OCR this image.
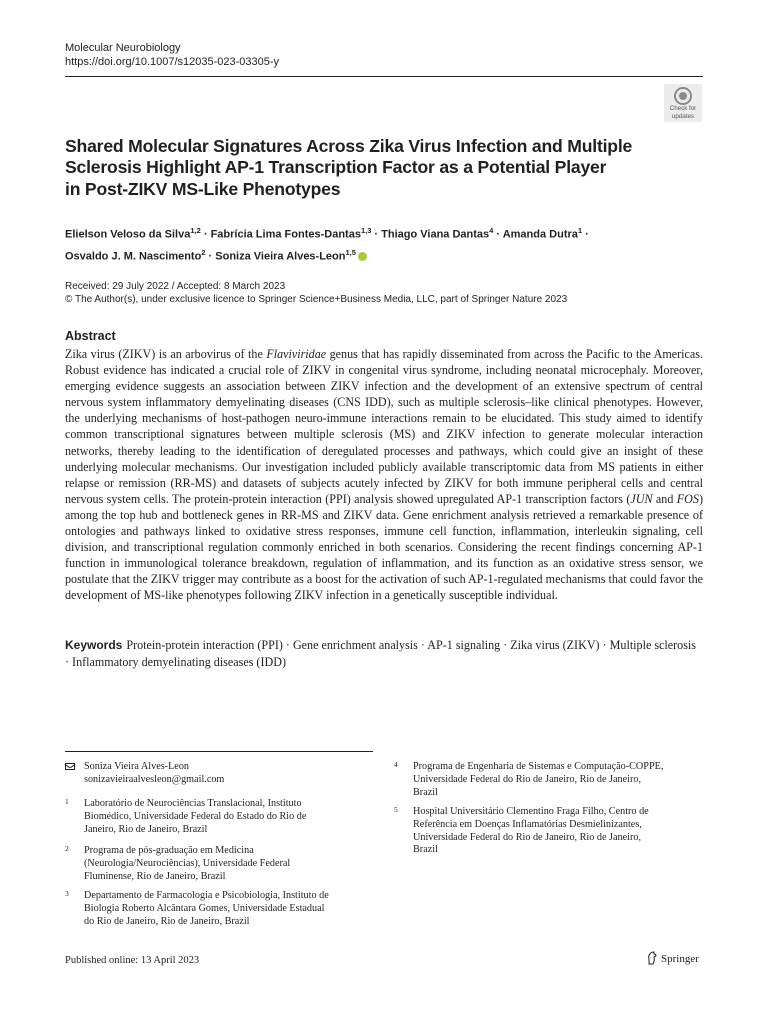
Molecular Neurobiology
https://doi.org/10.1007/s12035-023-03305-y
Check for
updates
Shared Molecular Signatures Across Zika Virus Infection and Multiple
Sclerosis Highlight AP-1 Transcription Factor as a Potential Player
in Post-ZIKV MS-Like Phenotypes
Elielson Veloso da Silva$^{1,2}$ · Fabrícia Lima Fontes-Dantas$^{1,3}$ · Thiago Viana Dantas$^4$ · Amanda Dutra$^1$ ·
Osvaldo J. M. Nascimento$^2$ · Soniza Vieira Alves-Leon$^{1,5}$
Received: 29 July 2022 / Accepted: 8 March 2023
© The Author(s), under exclusive licence to Springer Science+Business Media, LLC, part of Springer Nature 2023
Abstract
Zika virus (ZIKV) is an arbovirus of the Flaviviridae genus that has rapidly disseminated from across the Pacific to the Americas. Robust evidence has indicated a crucial role of ZIKV in congenital virus syndrome, including neonatal microcephaly. Moreover, emerging evidence suggests an association between ZIKV infection and the development of an extensive spectrum of central nervous system inflammatory demyelinating diseases (CNS IDD), such as multiple sclerosis–like clinical phenotypes. However, the underlying mechanisms of host-pathogen neuro-immune interactions remain to be elucidated. This study aimed to identify common transcriptional signatures between multiple sclerosis (MS) and ZIKV infection to generate molecular interaction networks, thereby leading to the identification of deregulated processes and pathways, which could give an insight of these underlying molecular mechanisms. Our investigation included publicly available transcriptomic data from MS patients in either relapse or remission (RR-MS) and datasets of subjects acutely infected by ZIKV for both immune peripheral cells and central nervous system cells. The protein-protein interaction (PPI) analysis showed upregulated AP-1 transcription factors (JUN and FOS) among the top hub and bottleneck genes in RR-MS and ZIKV data. Gene enrichment analysis retrieved a remarkable presence of ontologies and pathways linked to oxidative stress responses, immune cell function, inflammation, interleukin signaling, cell division, and transcriptional regulation commonly enriched in both scenarios. Considering the recent findings concerning AP-1 function in immunological tolerance breakdown, regulation of inflammation, and its function as an oxidative stress sensor, we postulate that the ZIKV trigger may contribute as a boost for the activation of such AP-1-regulated mechanisms that could favor the development of MS-like phenotypes following ZIKV infection in a genetically susceptible individual.
Keywords Protein-protein interaction (PPI) · Gene enrichment analysis · AP-1 signaling · Zika virus (ZIKV) · Multiple sclerosis · Inflammatory demyelinating diseases (IDD)
Soniza Vieira Alves-Leon
sonizavieiraalvesleon@gmail.com
1 Laboratório de Neurociências Translacional, Instituto
Biomédico, Universidade Federal do Estado do Rio de
Janeiro, Rio de Janeiro, Brazil
2 Programa de pós-graduação em Medicina
(Neurologia/Neurociências), Universidade Federal
Fluminense, Rio de Janeiro, Brazil
3 Departamento de Farmacologia e Psicobiologia, Instituto de
Biologia Roberto Alcântara Gomes, Universidade Estadual
do Rio de Janeiro, Rio de Janeiro, Brazil
4 Programa de Engenharia de Sistemas e Computação-COPPE,
Universidade Federal do Rio de Janeiro, Rio de Janeiro,
Brazil
5 Hospital Universitário Clementino Fraga Filho, Centro de
Referência em Doenças Inflamatórias Desmielinizantes,
Universidade Federal do Rio de Janeiro, Rio de Janeiro,
Brazil
Published online: 13 April 2023	Springer
